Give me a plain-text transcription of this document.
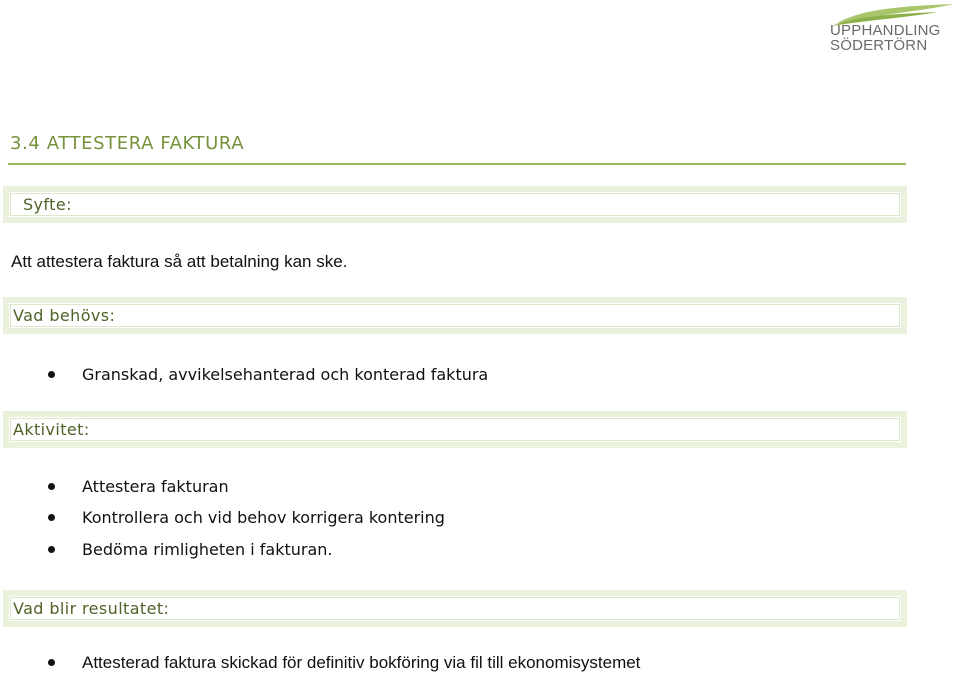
UPPHANDLING
SÖDERTÖRN
3.4 ATTESTERA FAKTURA
Syfte:
Att attestera faktura så att betalning kan ske.
Vad behövs:
Granskad, avvikelsehanterad och konterad faktura
Aktivitet:
Attestera fakturan
Kontrollera och vid behov korrigera kontering
Bedöma rimligheten i fakturan.
Vad blir resultatet:
Attesterad faktura skickad för definitiv bokföring via fil till ekonomisystemet
